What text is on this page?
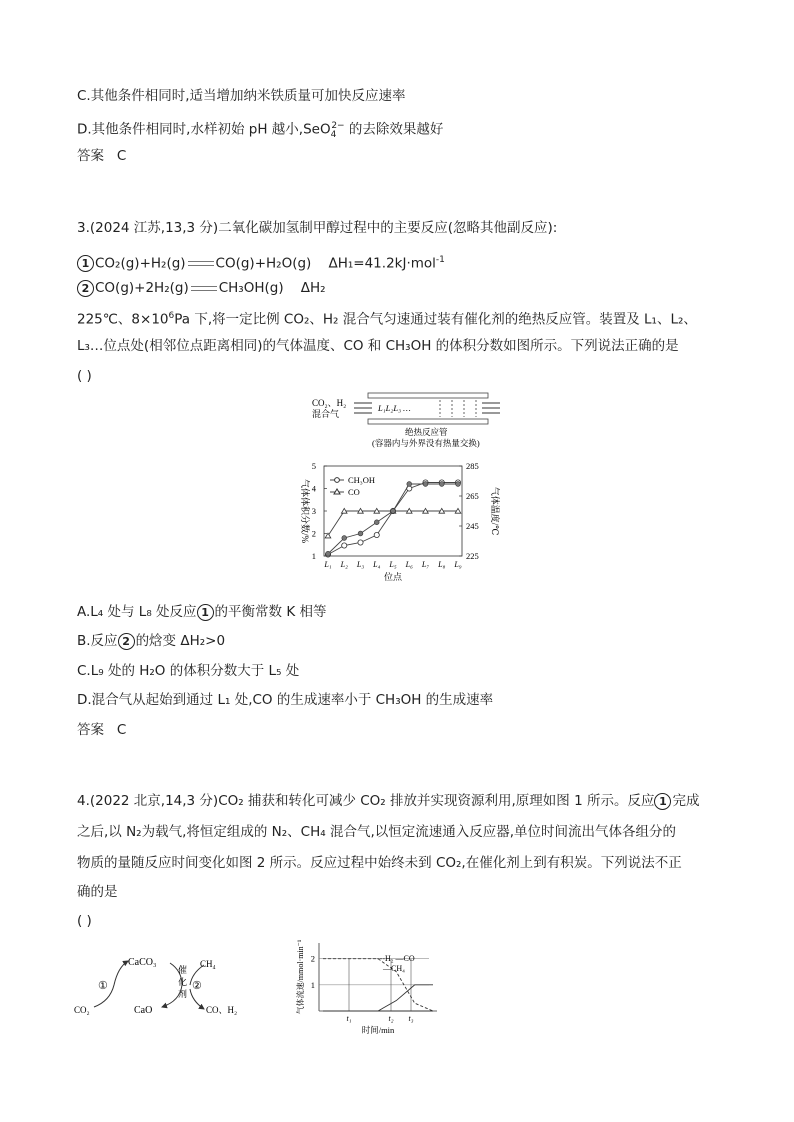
C.其他条件相同时,适当增加纳米铁质量可加快反应速率
D.其他条件相同时,水样初始 pH 越小,SeO$_4^{2-}$ 的去除效果越好
答案 C
3.(2024 江苏,13,3 分)二氧化碳加氢制甲醇过程中的主要反应(忽略其他副反应):
1 CO₂(g)+H₂(g) CO(g)+H₂O(g) ΔH₁=41.2kJ·mol$^{-1}$
2 CO(g)+2H₂(g) CH₃OH(g) ΔH₂
225℃、$8\times 10^6Pa$ 下,将一定比例 CO₂、H₂ 混合气匀速通过装有催化剂的绝热反应管。装置及 L₁、L₂、
L₃…位点处(相邻位点距离相同)的气体温度、CO 和 CH₃OH 的体积分数如图所示。下列说法正确的是
( )
CO₂、H₂
混合气
L₁L₂L₃ …
绝热反应管
(容器内与外界没有热量交换)
1
2
3
4
5
225
245
265
285
L₁ L₂ L₃ L₄ L₅ L₆ L₇ L₈ L₉
位点
气体体积分数/%	气体温度/℃
CH₃OH
CO
A.L₄ 处与 L₈ 处反应 1 的平衡常数 K 相等
B.反应 2 的焓变 ΔH₂>0
C.L₉ 处的 H₂O 的体积分数大于 L₅ 处
D.混合气从起始到通过 L₁ 处,CO 的生成速率小于 CH₃OH 的生成速率
答案 C
4.(2022 北京,14,3 分)CO₂ 捕获和转化可减少 CO₂ 排放并实现资源利用,原理如图 1 所示。反应 1 完成
之后,以 N₂为载气,将恒定组成的 N₂、CH₄ 混合气,以恒定流速通入反应器,单位时间流出气体各组分的
物质的量随反应时间变化如图 2 所示。反应过程中始终未到 CO₂,在催化剂上到有积炭。下列说法不正
确的是
( )
CaCO₃
CaO
CO₂
CH₄
CO、H₂
①	②
催
化
剂
1
2
t₁	t₂ t₃
时间/min
气体流速/mmol·min⁻¹	---H₂ —CO
—CH₄
